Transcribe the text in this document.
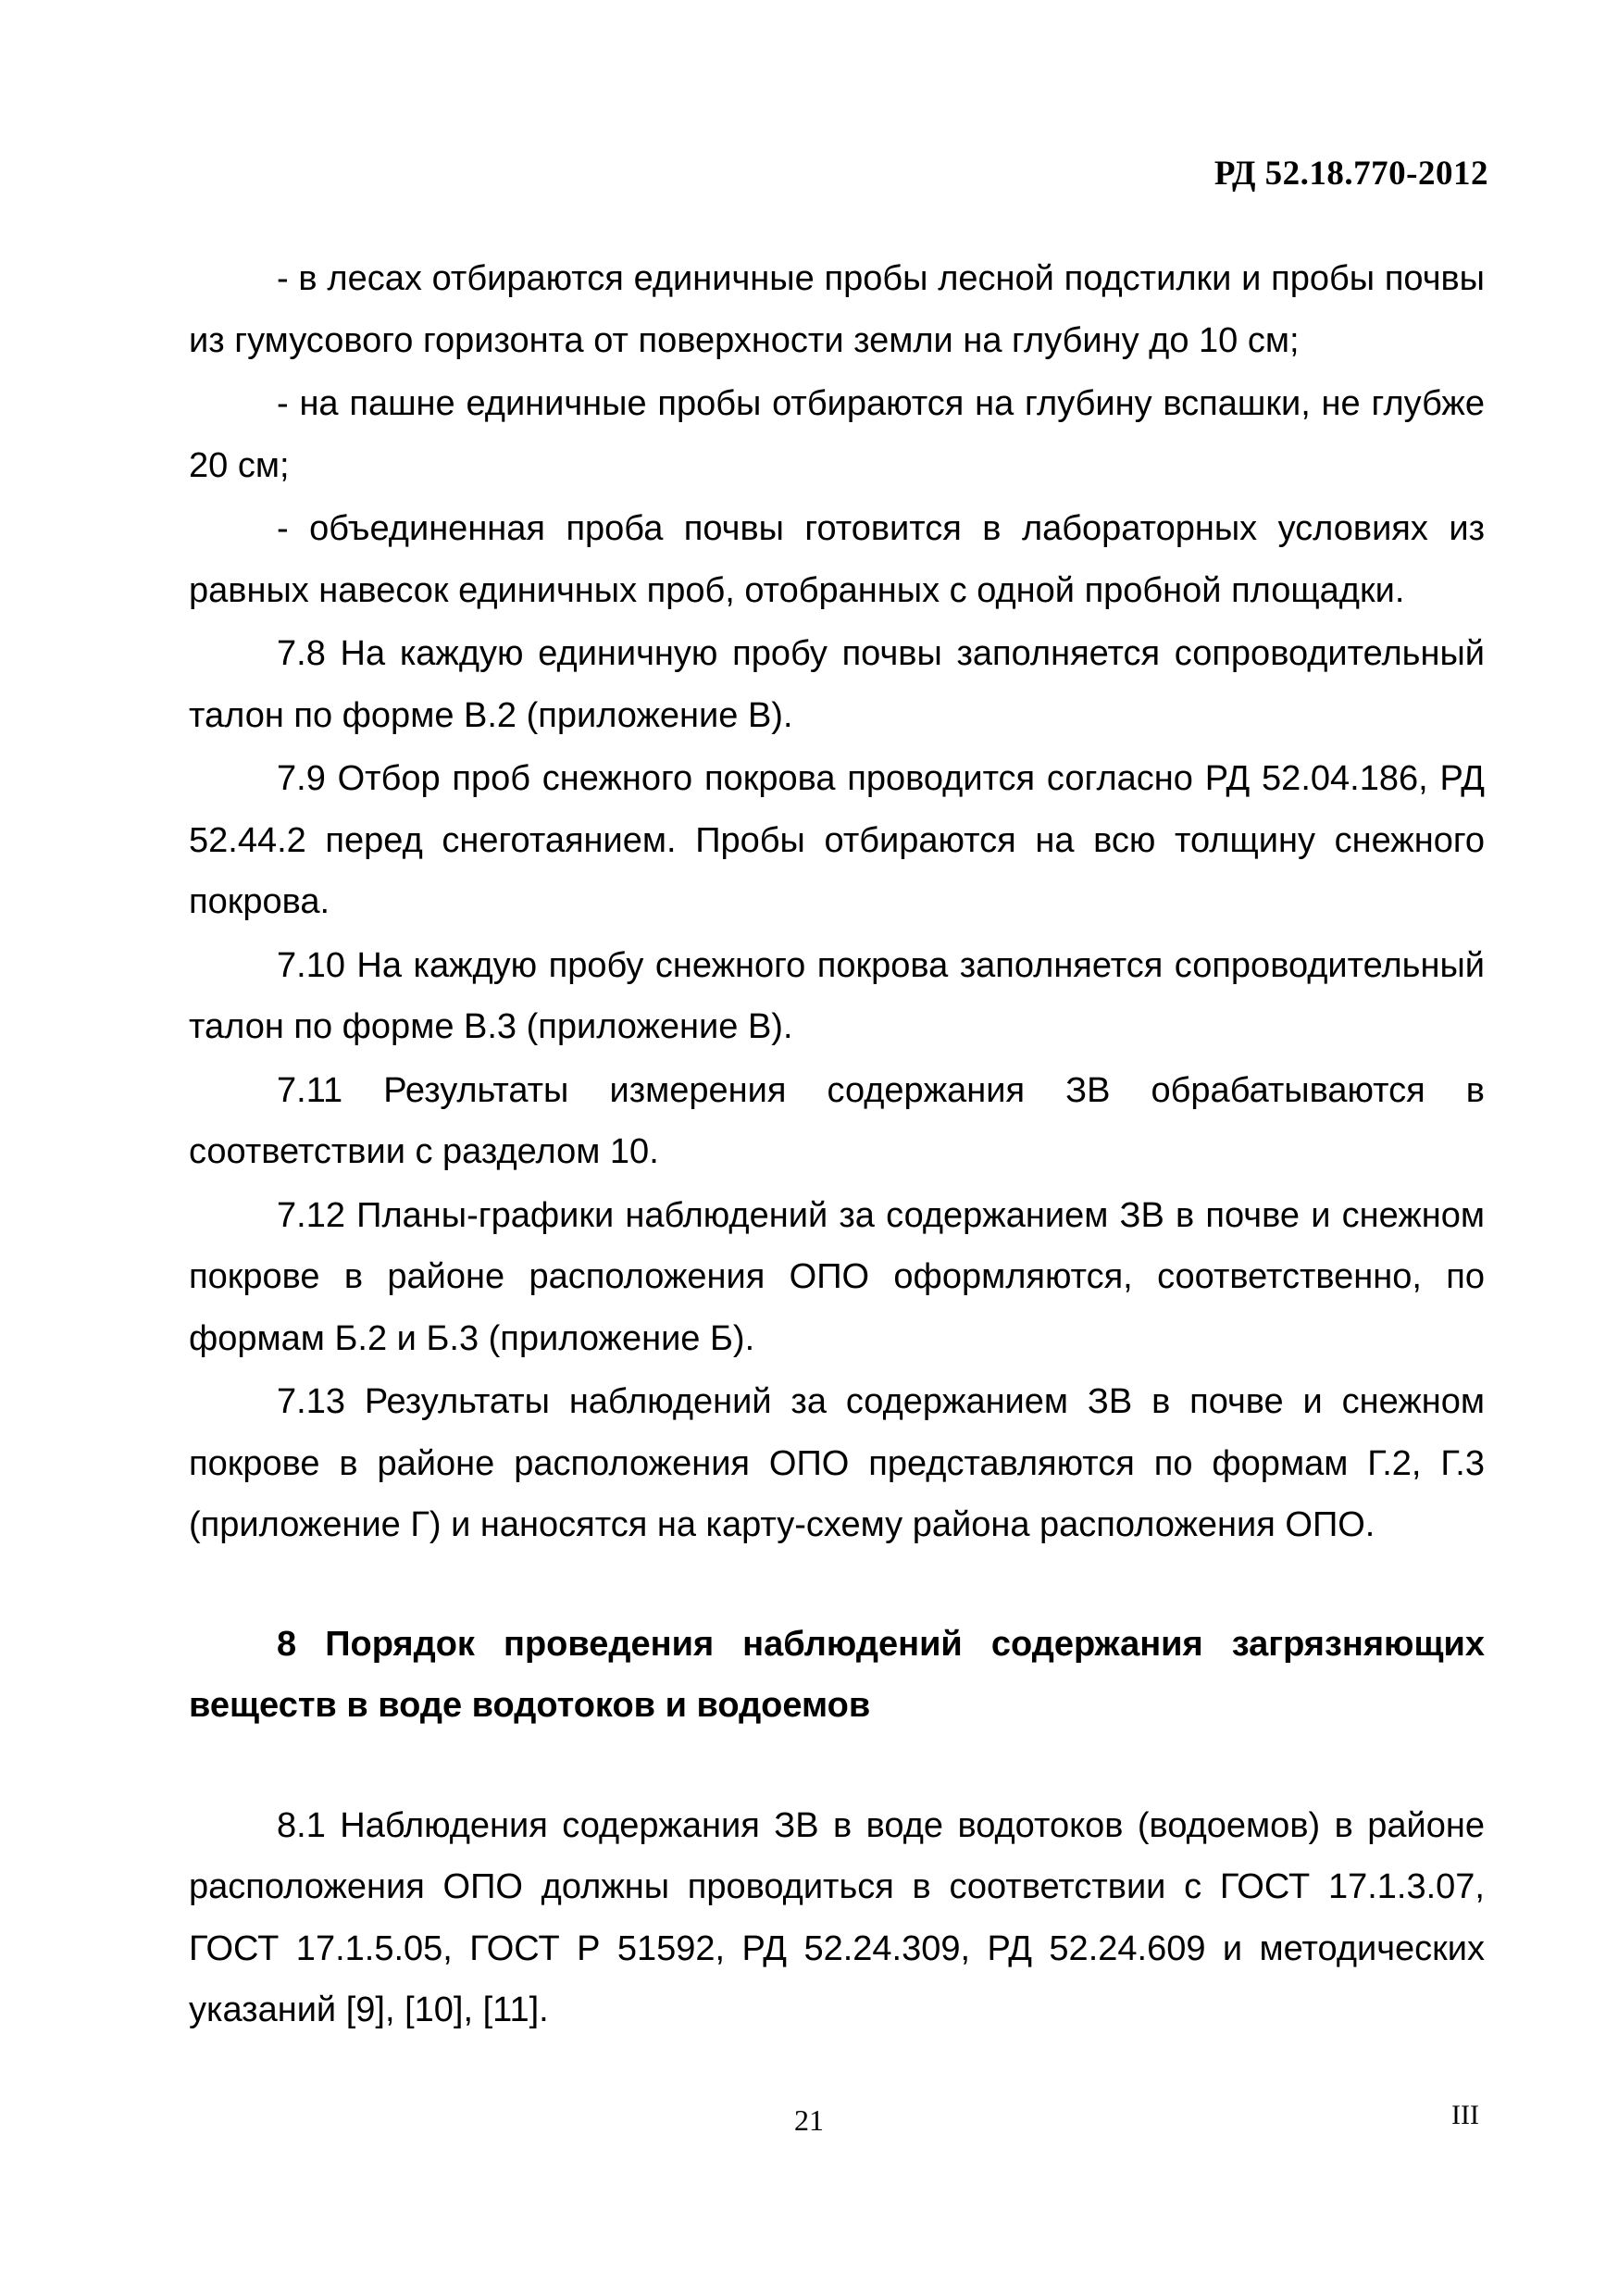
РД 52.18.770-2012

- в лесах отбираются единичные пробы лесной подстилки и пробы почвы из гумусового горизонта от поверхности земли на глубину до 10 см;

- на пашне единичные пробы отбираются на глубину вспашки, не глубже 20 см;

- объединенная проба почвы готовится в лабораторных условиях из равных навесок единичных проб, отобранных с одной пробной площадки.

7.8 На каждую единичную пробу почвы заполняется сопроводительный талон по форме В.2 (приложение В).

7.9 Отбор проб снежного покрова проводится согласно РД 52.04.186, РД 52.44.2 перед снеготаянием. Пробы отбираются на всю толщину снежного покрова.

7.10 На каждую пробу снежного покрова заполняется сопроводительный талон по форме В.3 (приложение В).

7.11 Результаты измерения содержания ЗВ обрабатываются в соответствии с разделом 10.

7.12 Планы-графики наблюдений за содержанием ЗВ в почве и снежном покрове в районе расположения ОПО оформляются, соответственно, по формам Б.2 и Б.3 (приложение Б).

7.13 Результаты наблюдений за содержанием ЗВ в почве и снежном покрове в районе расположения ОПО представляются по формам Г.2, Г.3 (приложение Г) и наносятся на карту-схему района расположения ОПО.

8 Порядок проведения наблюдений содержания загрязняющих веществ в воде водотоков и водоемов

8.1 Наблюдения содержания ЗВ в воде водотоков (водоемов) в районе расположения ОПО должны проводиться в соответствии с ГОСТ 17.1.3.07, ГОСТ 17.1.5.05, ГОСТ Р 51592, РД 52.24.309, РД 52.24.609 и методических указаний [9], [10], [11].

21	III
